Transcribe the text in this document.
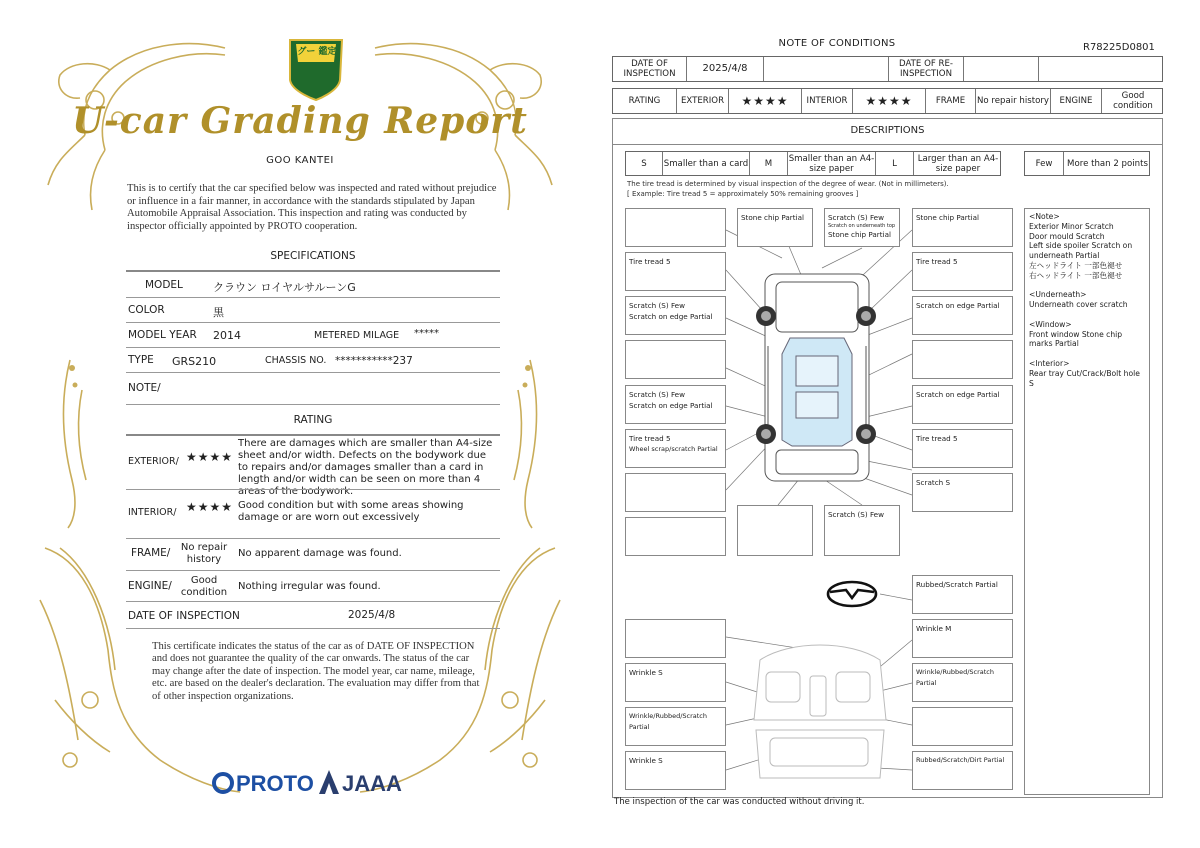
グー 鑑定
U-car Grading Report
GOO KANTEI
This is to certify that the car specified below was inspected and rated without prejudice or influence in a fair manner, in accordance with the standards stipulated by Japan Automobile Appraisal Association. This inspection and rating was conducted by inspector officially appointed by PROTO cooperation.
SPECIFICATIONS
MODEL	クラウン ロイヤルサルーンG
COLOR	黒
MODEL YEAR 2014	METERED MILAGE *****
TYPE GRS210	CHASSIS NO. ***********237
NOTE/
RATING
EXTERIOR/ ★★★★
There are damages which are smaller than A4-size sheet and/or width. Defects on the bodywork due to repairs and/or damages smaller than a card in length and/or width can be seen on more than 4 areas of the bodywork.
INTERIOR/ ★★★★ Good condition but with some areas showing damage or are worn out excessively
FRAME/	No repair history
No apparent damage was found.
ENGINE/	Good condition
Nothing irregular was found.
DATE OF INSPECTION	2025/4/8
This certificate indicates the status of the car as of DATE OF INSPECTION and does not guarantee the quality of the car onwards. The status of the car may change after the date of inspection. The model year, car name, mileage, etc. are based on the dealer's declaration. The evaluation may differ from that of other inspection organizations.
PROTO JAAA
NOTE OF CONDITIONS	R78225D0801
DATE OF INSPECTION	2025/4/8	DATE OF RE-INSPECTION
RATING	EXTERIOR	★★★★	INTERIOR	★★★★	FRAME	No repair history	ENGINE	Good condition
DESCRIPTIONS
S	Smaller than a card	M	Smaller than an A4-size paper	L	Larger than an A4-size paper	Few	More than 2 points
The tire tread is determined by visual inspection of the degree of wear. (Not in millimeters).
[ Example: Tire tread 5 = approximately 50% remaining grooves ]
Tire tread 5
Scratch (S) Few
Scratch on edge Partial
Scratch (S) Few
Scratch on edge Partial
Tire tread 5
Wheel scrap/scratch Partial
Stone chip Partial	Scratch (S) Few
Scratch on underneath top
Stone chip Partial
Scratch (S) Few
Stone chip Partial
Tire tread 5
Scratch on edge Partial
Scratch on edge Partial
Tire tread 5
Scratch S
Rubbed/Scratch Partial
Wrinkle M
Wrinkle S	Wrinkle/Rubbed/Scratch Partial
Wrinkle/Rubbed/Scratch Partial
Wrinkle S	Rubbed/Scratch/Dirt Partial
<Note>
Exterior Minor Scratch
Door mould Scratch
Left side spoiler Scratch on underneath Partial
左ヘッドライト 一部色褪せ
右ヘッドライト 一部色褪せ
<Underneath>
Underneath cover scratch
<Window>
Front window Stone chip marks Partial
<Interior>
Rear tray Cut/Crack/Bolt hole S
The inspection of the car was conducted without driving it.
